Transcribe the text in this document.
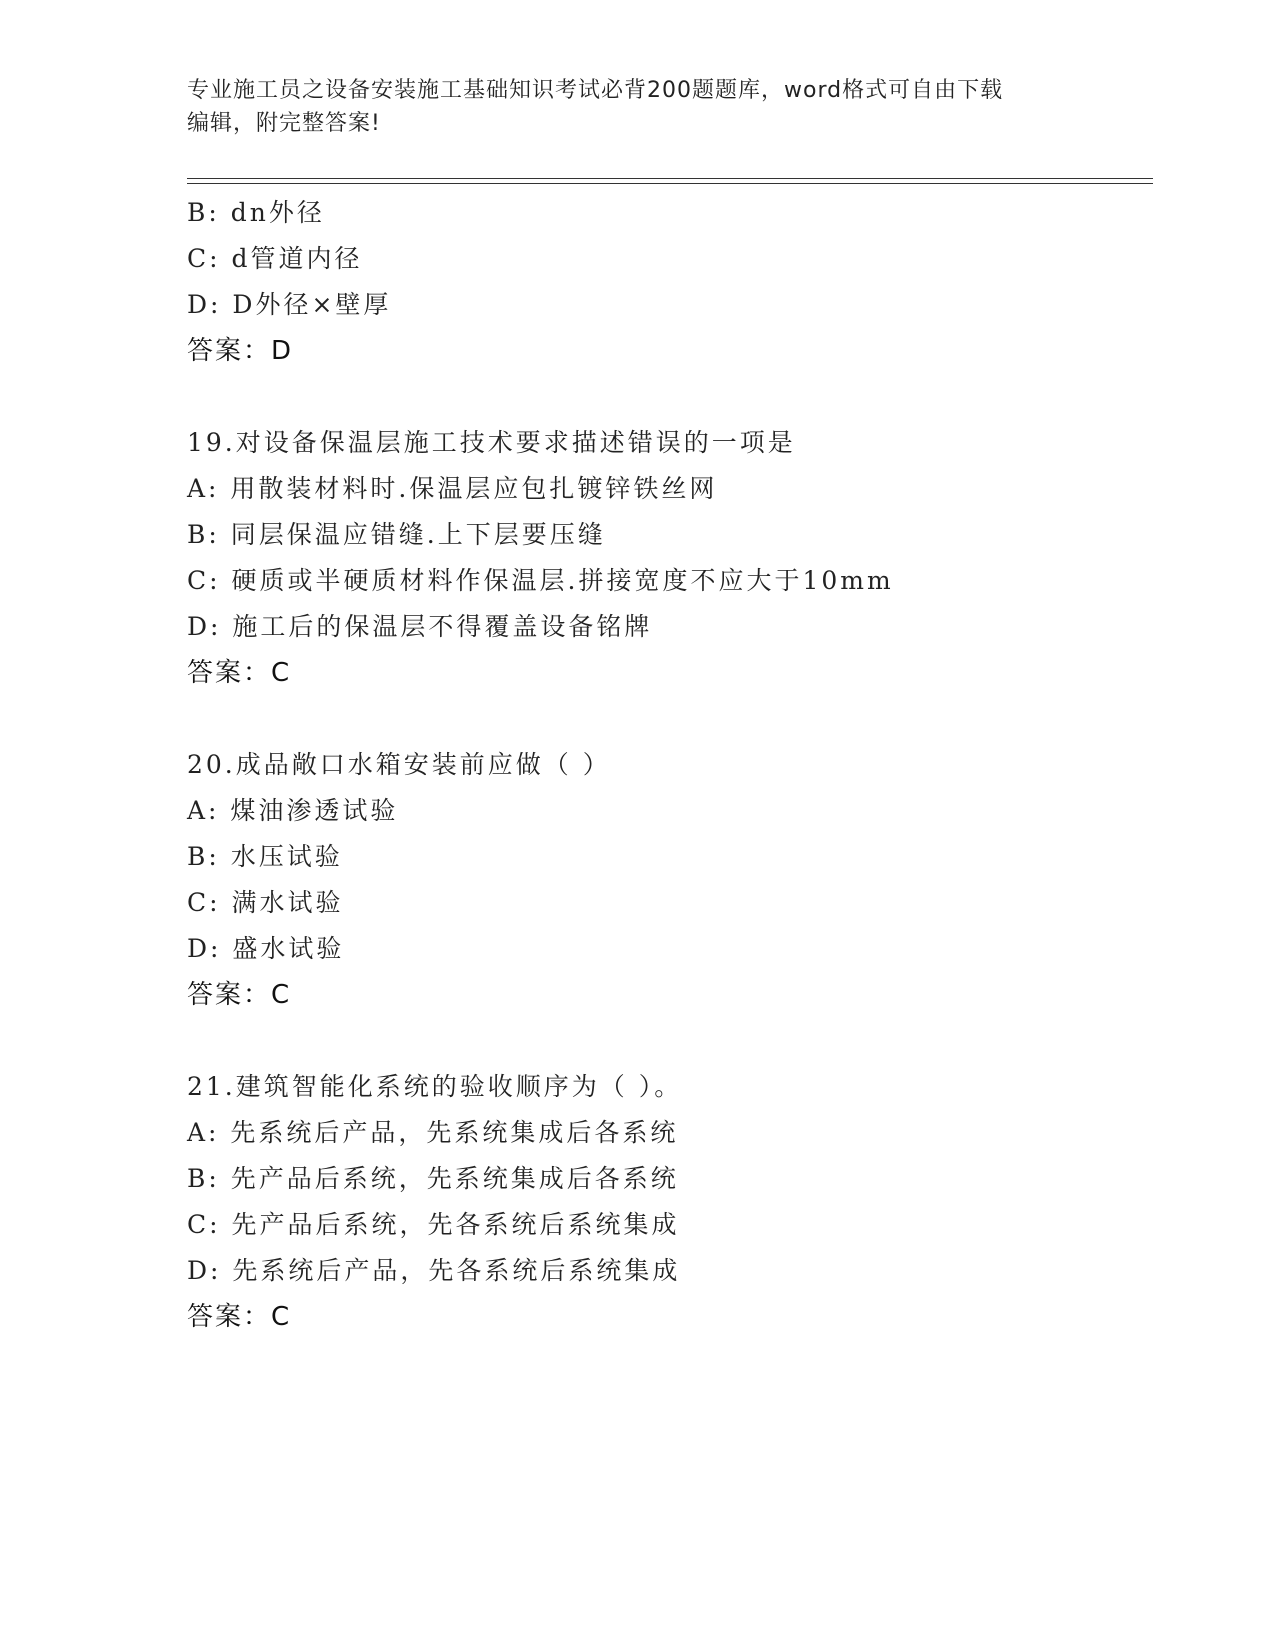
专业施工员之设备安装施工基础知识考试必背200题题库，word格式可自由下载
编辑，附完整答案!
B: dn外径
C: d管道内径
D: D外径×壁厚
答案：D
19.对设备保温层施工技术要求描述错误的一项是
A: 用散装材料时.保温层应包扎镀锌铁丝网
B: 同层保温应错缝.上下层要压缝
C: 硬质或半硬质材料作保温层.拼接宽度不应大于10mm
D: 施工后的保温层不得覆盖设备铭牌
答案：C
20.成品敞口水箱安装前应做（ ）
A: 煤油渗透试验
B: 水压试验
C: 满水试验
D: 盛水试验
答案：C
21.建筑智能化系统的验收顺序为（ ）。
A: 先系统后产品，先系统集成后各系统
B: 先产品后系统，先系统集成后各系统
C: 先产品后系统，先各系统后系统集成
D: 先系统后产品，先各系统后系统集成
答案：C
